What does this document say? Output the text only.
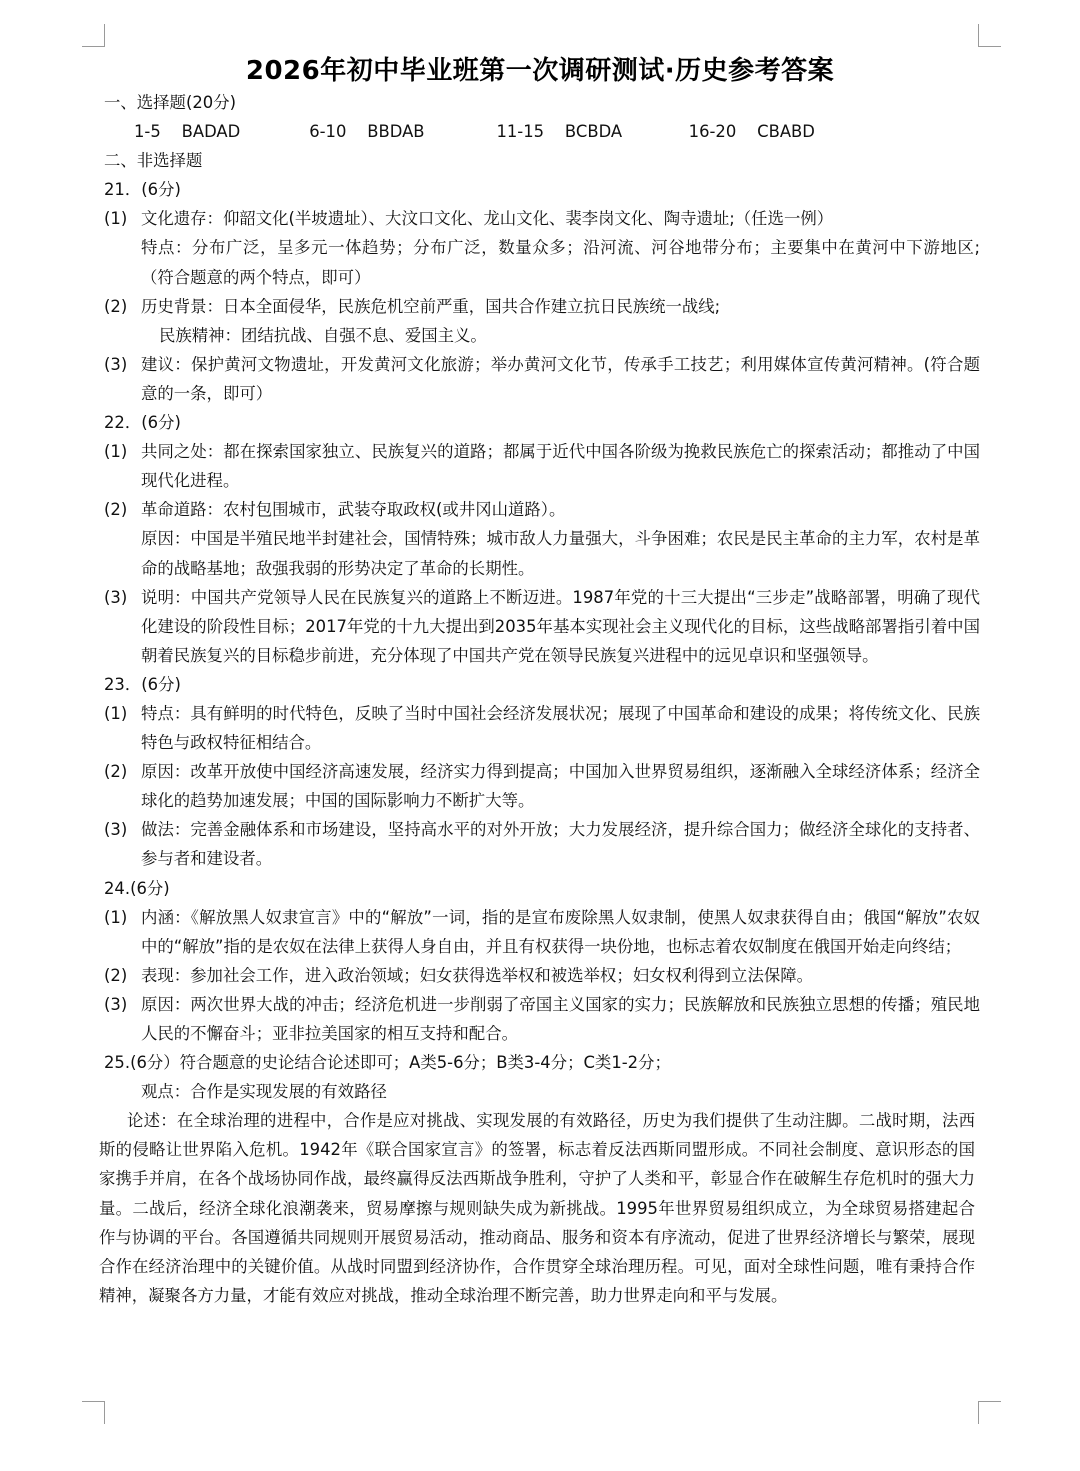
2026年初中毕业班第一次调研测试·历史参考答案
一、选择题(20分)
1-5 BADAD	6-10 BBDAB	11-15 BCBDA	16-20 CBABD
二、非选择题
21．(6分)
(1) 文化遗存：仰韶文化(半坡遗址）、大汶口文化、龙山文化、裴李岗文化、陶寺遗址;（任选一例）
特点：分布广泛，呈多元一体趋势；分布广泛，数量众多；沿河流、河谷地带分布；主要集中在黄河中下游地区;（符合题意的两个特点，即可）
(2) 历史背景：日本全面侵华，民族危机空前严重，国共合作建立抗日民族统一战线;
民族精神：团结抗战、自强不息、爱国主义。
(3) 建议：保护黄河文物遗址，开发黄河文化旅游；举办黄河文化节，传承手工技艺；利用媒体宣传黄河精神。(符合题意的一条，即可）
22．(6分)
(1) 共同之处：都在探索国家独立、民族复兴的道路；都属于近代中国各阶级为挽救民族危亡的探索活动；都推动了中国现代化进程。
(2) 革命道路：农村包围城市，武装夺取政权(或井冈山道路）。
原因：中国是半殖民地半封建社会，国情特殊；城市敌人力量强大，斗争困难；农民是民主革命的主力军，农村是革命的战略基地；敌强我弱的形势决定了革命的长期性。
(3) 说明：中国共产党领导人民在民族复兴的道路上不断迈进。1987年党的十三大提出“三步走”战略部署，明确了现代化建设的阶段性目标；2017年党的十九大提出到2035年基本实现社会主义现代化的目标，这些战略部署指引着中国朝着民族复兴的目标稳步前进，充分体现了中国共产党在领导民族复兴进程中的远见卓识和坚强领导。
23．(6分)
(1) 特点：具有鲜明的时代特色，反映了当时中国社会经济发展状况；展现了中国革命和建设的成果；将传统文化、民族特色与政权特征相结合。
(2) 原因：改革开放使中国经济高速发展，经济实力得到提高；中国加入世界贸易组织，逐渐融入全球经济体系；经济全球化的趋势加速发展；中国的国际影响力不断扩大等。
(3) 做法：完善金融体系和市场建设，坚持高水平的对外开放；大力发展经济，提升综合国力；做经济全球化的支持者、参与者和建设者。
24.(6分)
(1) 内涵：《解放黑人奴隶宣言》中的“解放”一词，指的是宣布废除黑人奴隶制，使黑人奴隶获得自由；俄国“解放”农奴中的“解放”指的是农奴在法律上获得人身自由，并且有权获得一块份地，也标志着农奴制度在俄国开始走向终结；
(2) 表现：参加社会工作，进入政治领域；妇女获得选举权和被选举权；妇女权利得到立法保障。
(3) 原因：两次世界大战的冲击；经济危机进一步削弱了帝国主义国家的实力；民族解放和民族独立思想的传播；殖民地人民的不懈奋斗；亚非拉美国家的相互支持和配合。
25.(6分）符合题意的史论结合论述即可；A类5-6分；B类3-4分；C类1-2分；
观点：合作是实现发展的有效路径
论述：在全球治理的进程中，合作是应对挑战、实现发展的有效路径，历史为我们提供了生动注脚。二战时期，法西斯的侵略让世界陷入危机。1942年《联合国家宣言》的签署，标志着反法西斯同盟形成。不同社会制度、意识形态的国家携手并肩，在各个战场协同作战，最终赢得反法西斯战争胜利，守护了人类和平，彰显合作在破解生存危机时的强大力量。二战后，经济全球化浪潮袭来，贸易摩擦与规则缺失成为新挑战。1995年世界贸易组织成立，为全球贸易搭建起合作与协调的平台。各国遵循共同规则开展贸易活动，推动商品、服务和资本有序流动，促进了世界经济增长与繁荣，展现合作在经济治理中的关键价值。从战时同盟到经济协作，合作贯穿全球治理历程。可见，面对全球性问题，唯有秉持合作精神，凝聚各方力量，才能有效应对挑战，推动全球治理不断完善，助力世界走向和平与发展。
